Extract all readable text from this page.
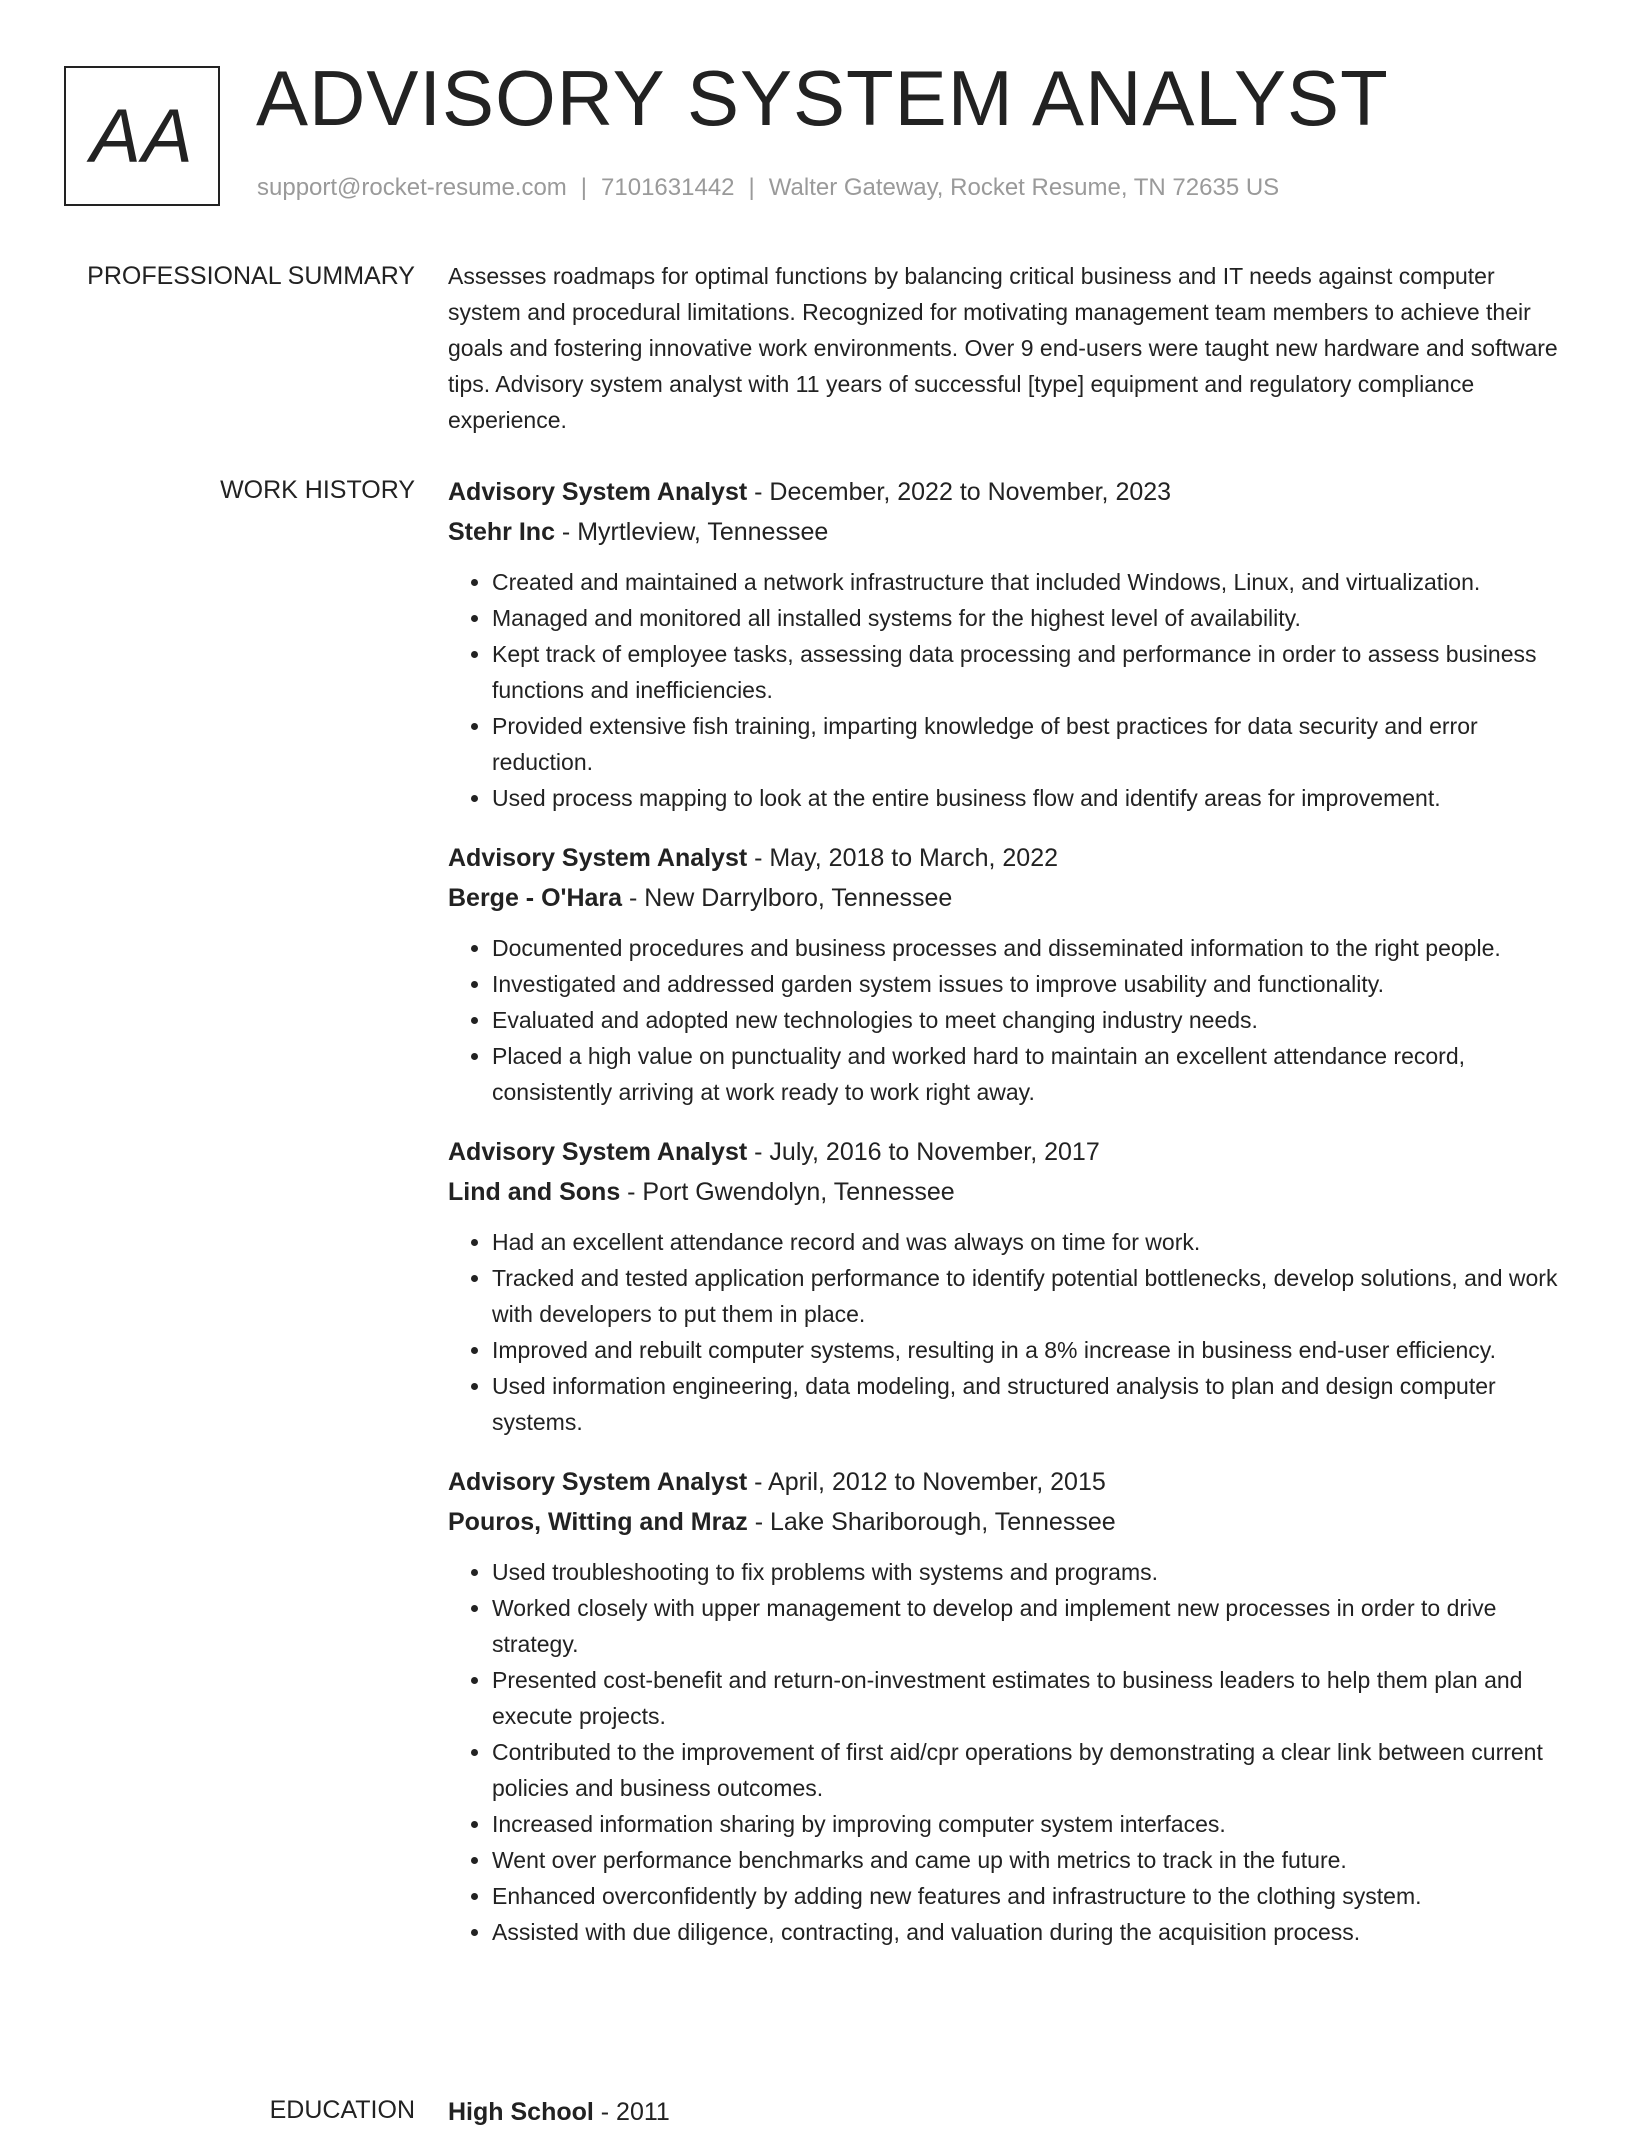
AA ADVISORY SYSTEM ANALYST
support@rocket-resume.com | 7101631442 | Walter Gateway, Rocket Resume, TN 72635 US
PROFESSIONAL SUMMARY Assesses roadmaps for optimal functions by balancing critical business and IT needs against computer system and procedural limitations. Recognized for motivating management team members to achieve their goals and fostering innovative work environments. Over 9 end-users were taught new hardware and software tips. Advisory system analyst with 11 years of successful [type] equipment and regulatory compliance experience.

WORK HISTORY Advisory System Analyst - December, 2022 to November, 2023
Stehr Inc - Myrtleview, Tennessee
• Created and maintained a network infrastructure that included Windows, Linux, and virtualization.
• Managed and monitored all installed systems for the highest level of availability.
• Kept track of employee tasks, assessing data processing and performance in order to assess business functions and inefficiencies.
• Provided extensive fish training, imparting knowledge of best practices for data security and error reduction.
• Used process mapping to look at the entire business flow and identify areas for improvement.
Advisory System Analyst - May, 2018 to March, 2022
Berge - O'Hara - New Darrylboro, Tennessee
• Documented procedures and business processes and disseminated information to the right people.
• Investigated and addressed garden system issues to improve usability and functionality.
• Evaluated and adopted new technologies to meet changing industry needs.
• Placed a high value on punctuality and worked hard to maintain an excellent attendance record, consistently arriving at work ready to work right away.
Advisory System Analyst - July, 2016 to November, 2017
Lind and Sons - Port Gwendolyn, Tennessee
• Had an excellent attendance record and was always on time for work.
• Tracked and tested application performance to identify potential bottlenecks, develop solutions, and work with developers to put them in place.
• Improved and rebuilt computer systems, resulting in a 8% increase in business end-user efficiency.
• Used information engineering, data modeling, and structured analysis to plan and design computer systems.
Advisory System Analyst - April, 2012 to November, 2015
Pouros, Witting and Mraz - Lake Shariborough, Tennessee
• Used troubleshooting to fix problems with systems and programs.
• Worked closely with upper management to develop and implement new processes in order to drive strategy.
• Presented cost-benefit and return-on-investment estimates to business leaders to help them plan and execute projects.
• Contributed to the improvement of first aid/cpr operations by demonstrating a clear link between current policies and business outcomes.
• Increased information sharing by improving computer system interfaces.
• Went over performance benchmarks and came up with metrics to track in the future.
• Enhanced overconfidently by adding new features and infrastructure to the clothing system.
• Assisted with due diligence, contracting, and valuation during the acquisition process.
EDUCATION High School - 2011
